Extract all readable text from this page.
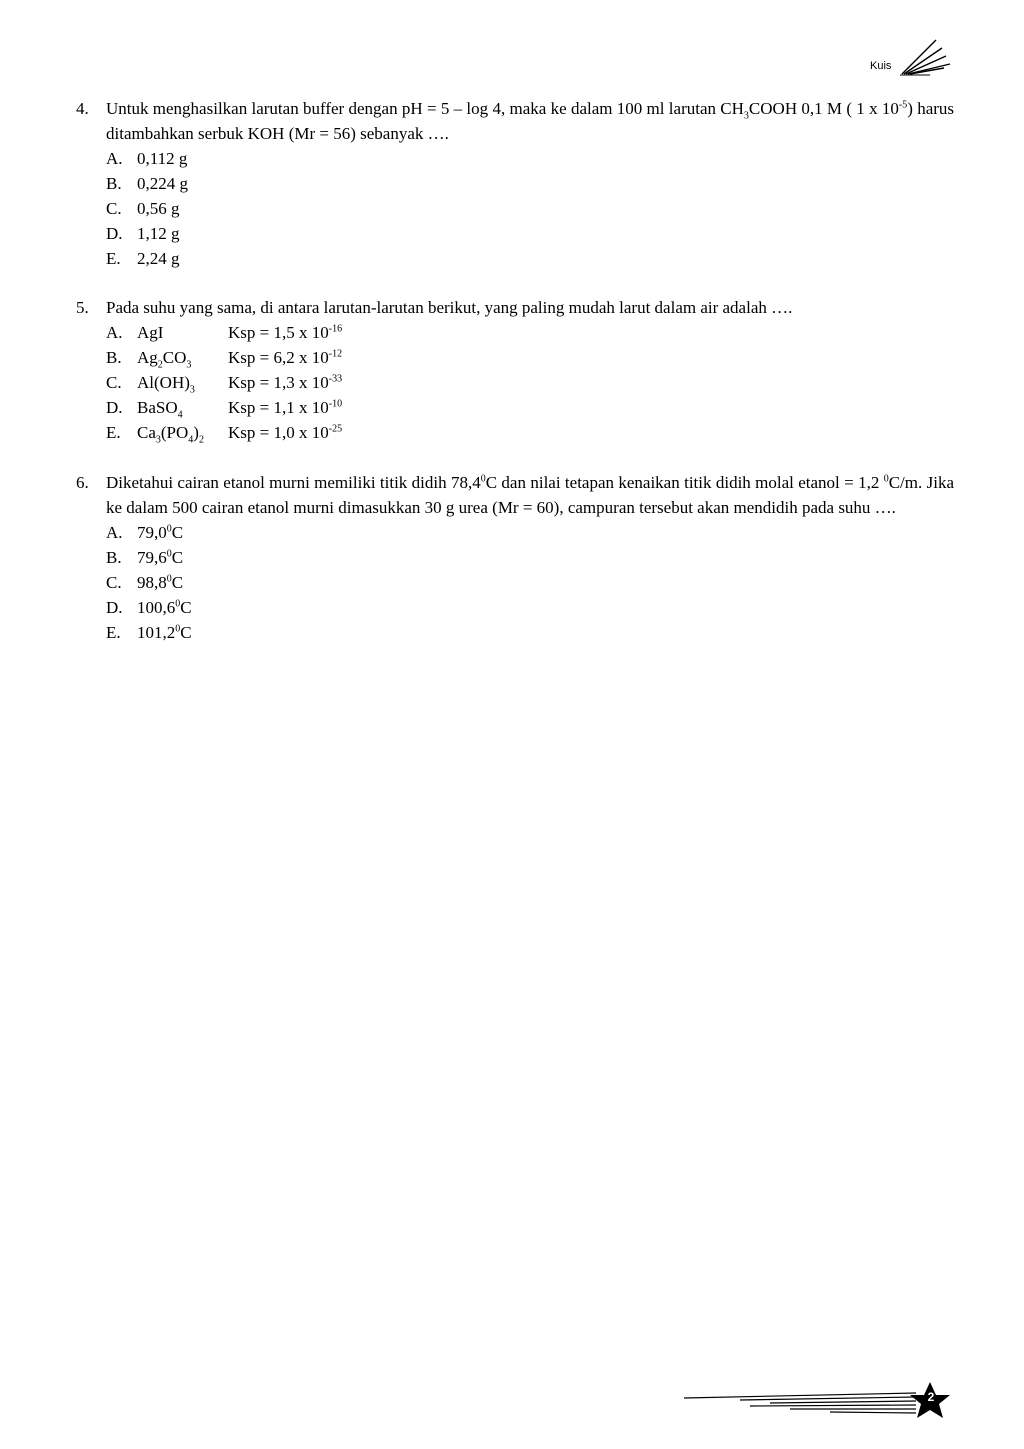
Kuis
4. Untuk menghasilkan larutan buffer dengan pH = 5 – log 4, maka ke dalam 100 ml larutan $CH_3COOH$ 0,1 M ( 1 x $10^{-5}$) harus ditambahkan serbuk KOH (Mr = 56) sebanyak ….
A. 0,112 g
B. 0,224 g
C. 0,56 g
D. 1,12 g
E. 2,24 g
5. Pada suhu yang sama, di antara larutan-larutan berikut, yang paling mudah larut dalam air adalah ….
A. AgI	Ksp = 1,5 x $10^{-16}$
B. $Ag_2CO_3$ Ksp = 6,2 x $10^{-12}$
C. $Al(OH)_3$ Ksp = 1,3 x $10^{-33}$
D. BaSO$_4$	Ksp = 1,1 x $10^{-10}$
E. $Ca_3(PO_4)_2$ Ksp = 1,0 x $10^{-25}$
6. Diketahui cairan etanol murni memiliki titik didih 78,4$^0$C dan nilai tetapan kenaikan titik didih molal etanol = 1,2 $^0$C/m. Jika ke dalam 500 cairan etanol murni dimasukkan 30 g urea (Mr = 60), campuran tersebut akan mendidih pada suhu ….
A. 79,0$^0$C
B. 79,6$^0$C
C. 98,8$^0$C
D. 100,6$^0$C
E. 101,2$^0$C
2
